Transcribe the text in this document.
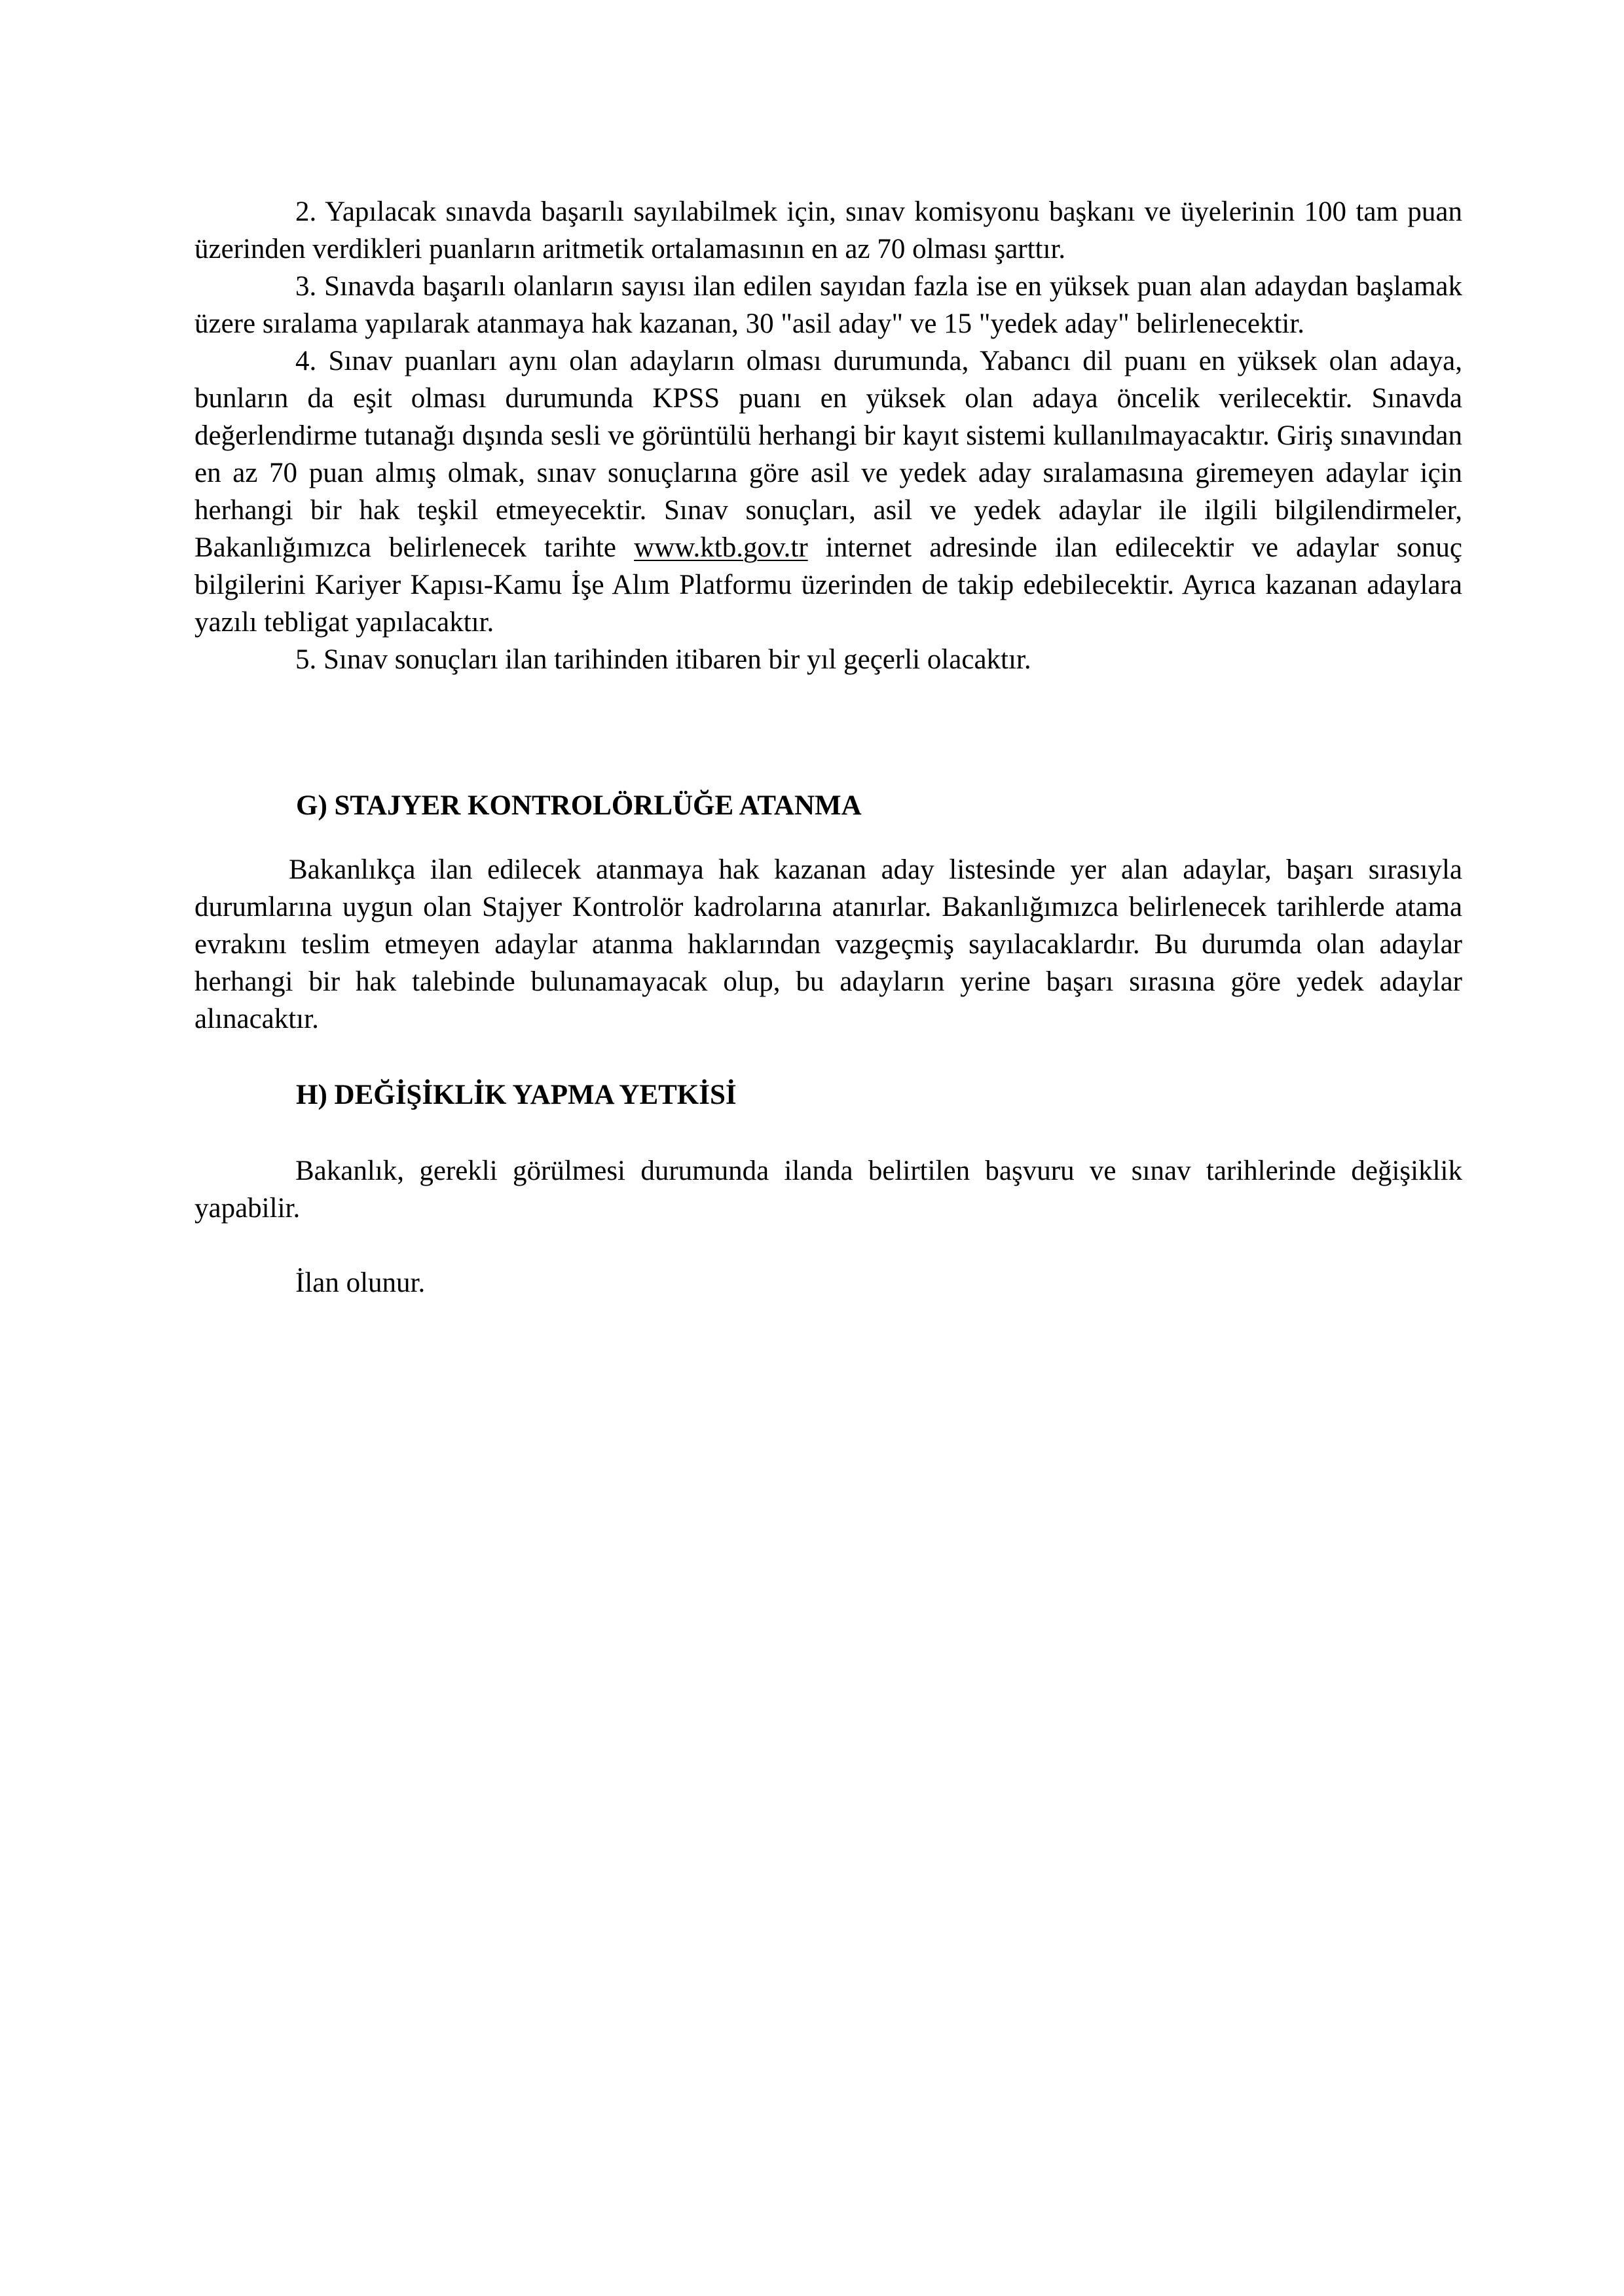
2. Yapılacak sınavda başarılı sayılabilmek için, sınav komisyonu başkanı ve üyelerinin 100 tam puan üzerinden verdikleri puanların aritmetik ortalamasının en az 70 olması şarttır.

3. Sınavda başarılı olanların sayısı ilan edilen sayıdan fazla ise en yüksek puan alan adaydan başlamak üzere sıralama yapılarak atanmaya hak kazanan, 30 "asil aday" ve 15 "yedek aday" belirlenecektir.

4. Sınav puanları aynı olan adayların olması durumunda, Yabancı dil puanı en yüksek olan adaya, bunların da eşit olması durumunda KPSS puanı en yüksek olan adaya öncelik verilecektir. Sınavda değerlendirme tutanağı dışında sesli ve görüntülü herhangi bir kayıt sistemi kullanılmayacaktır. Giriş sınavından en az 70 puan almış olmak, sınav sonuçlarına göre asil ve yedek aday sıralamasına giremeyen adaylar için herhangi bir hak teşkil etmeyecektir. Sınav sonuçları, asil ve yedek adaylar ile ilgili bilgilendirmeler, Bakanlığımızca belirlenecek tarihte www.ktb.gov.tr internet adresinde ilan edilecektir ve adaylar sonuç bilgilerini Kariyer Kapısı-Kamu İşe Alım Platformu üzerinden de takip edebilecektir. Ayrıca kazanan adaylara yazılı tebligat yapılacaktır.

5. Sınav sonuçları ilan tarihinden itibaren bir yıl geçerli olacaktır.

G) STAJYER KONTROLÖRLÜĞE ATANMA

Bakanlıkça ilan edilecek atanmaya hak kazanan aday listesinde yer alan adaylar, başarı sırasıyla durumlarına uygun olan Stajyer Kontrolör kadrolarına atanırlar. Bakanlığımızca belirlenecek tarihlerde atama evrakını teslim etmeyen adaylar atanma haklarından vazgeçmiş sayılacaklardır. Bu durumda olan adaylar herhangi bir hak talebinde bulunamayacak olup, bu adayların yerine başarı sırasına göre yedek adaylar alınacaktır.

H) DEĞİŞİKLİK YAPMA YETKİSİ

Bakanlık, gerekli görülmesi durumunda ilanda belirtilen başvuru ve sınav tarihlerinde değişiklik yapabilir.

İlan olunur.
